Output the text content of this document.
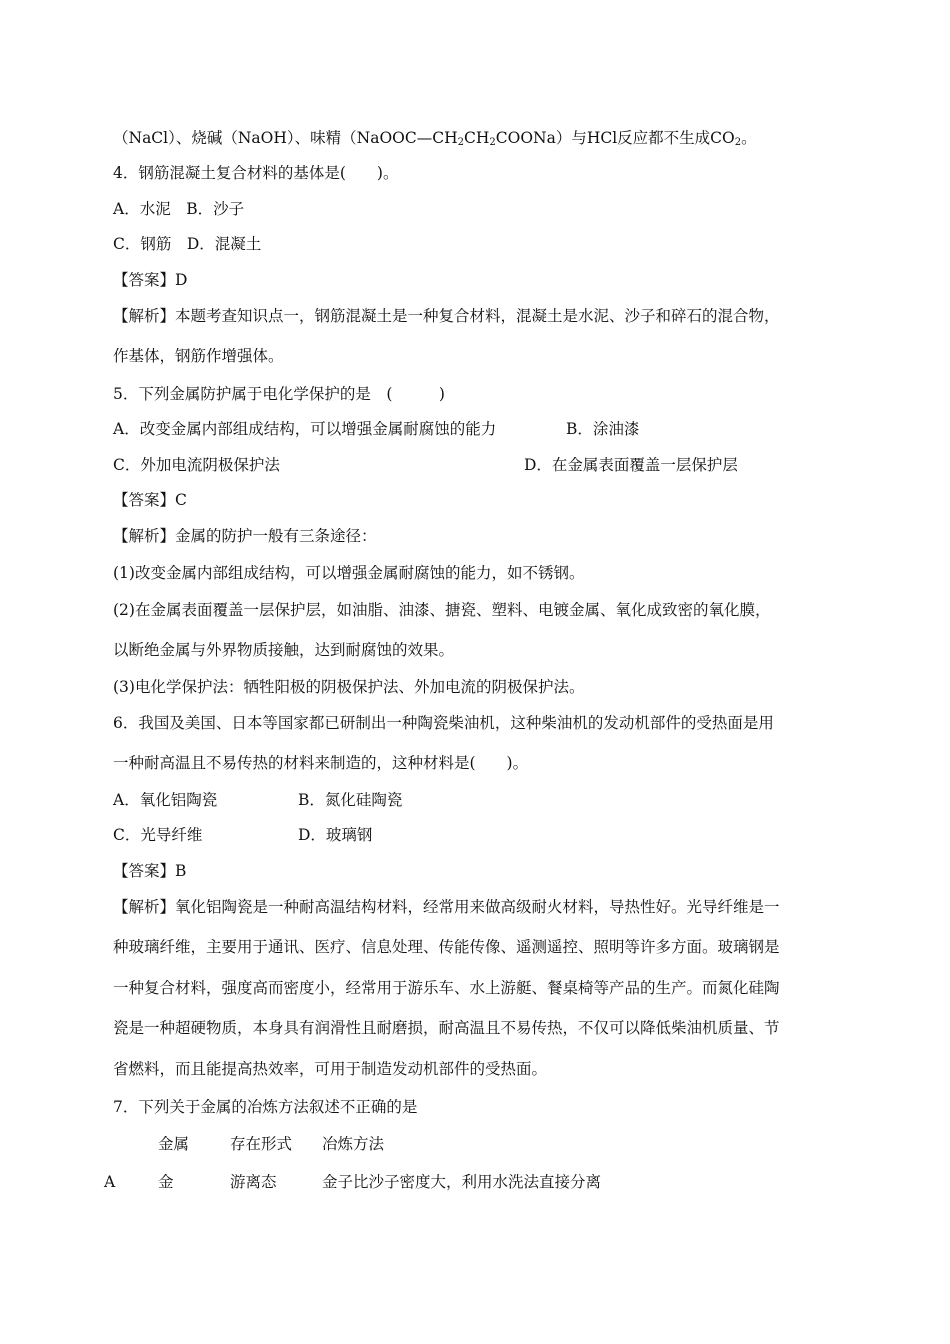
（NaCl）、烧碱（NaOH）、味精$(NaOOC—CH_2CH_2COONa)$与HCl反应都不生成$CO_2$。
4．钢筋混凝土复合材料的基体是(　　)。
A．水泥　B．沙子
C．钢筋　D．混凝土
【答案】D
【解析】本题考查知识点一，钢筋混凝土是一种复合材料，混凝土是水泥、沙子和碎石的混合物，
作基体，钢筋作增强体。
5．下列金属防护属于电化学保护的是　(　　　)
A．改变金属内部组成结构，可以增强金属耐腐蚀的能力	B．涂油漆
C．外加电流阴极保护法	D．在金属表面覆盖一层保护层
【答案】C
【解析】金属的防护一般有三条途径：
(1)改变金属内部组成结构，可以增强金属耐腐蚀的能力，如不锈钢。
(2)在金属表面覆盖一层保护层，如油脂、油漆、搪瓷、塑料、电镀金属、氧化成致密的氧化膜，
以断绝金属与外界物质接触，达到耐腐蚀的效果。
(3)电化学保护法：牺牲阳极的阴极保护法、外加电流的阴极保护法。
6．我国及美国、日本等国家都已研制出一种陶瓷柴油机，这种柴油机的发动机部件的受热面是用
一种耐高温且不易传热的材料来制造的，这种材料是(　　)。
A．氧化铝陶瓷	B．氮化硅陶瓷
C．光导纤维	D．玻璃钢
【答案】B
【解析】氧化铝陶瓷是一种耐高温结构材料，经常用来做高级耐火材料，导热性好。光导纤维是一
种玻璃纤维，主要用于通讯、医疗、信息处理、传能传像、遥测遥控、照明等许多方面。玻璃钢是
一种复合材料，强度高而密度小，经常用于游乐车、水上游艇、餐桌椅等产品的生产。而氮化硅陶
瓷是一种超硬物质，本身具有润滑性且耐磨损，耐高温且不易传热，不仅可以降低柴油机质量、节
省燃料，而且能提高热效率，可用于制造发动机部件的受热面。
7．下列关于金属的冶炼方法叙述不正确的是
金属	存在形式 冶炼方法
A	金	游离态	金子比沙子密度大，利用水洗法直接分离
